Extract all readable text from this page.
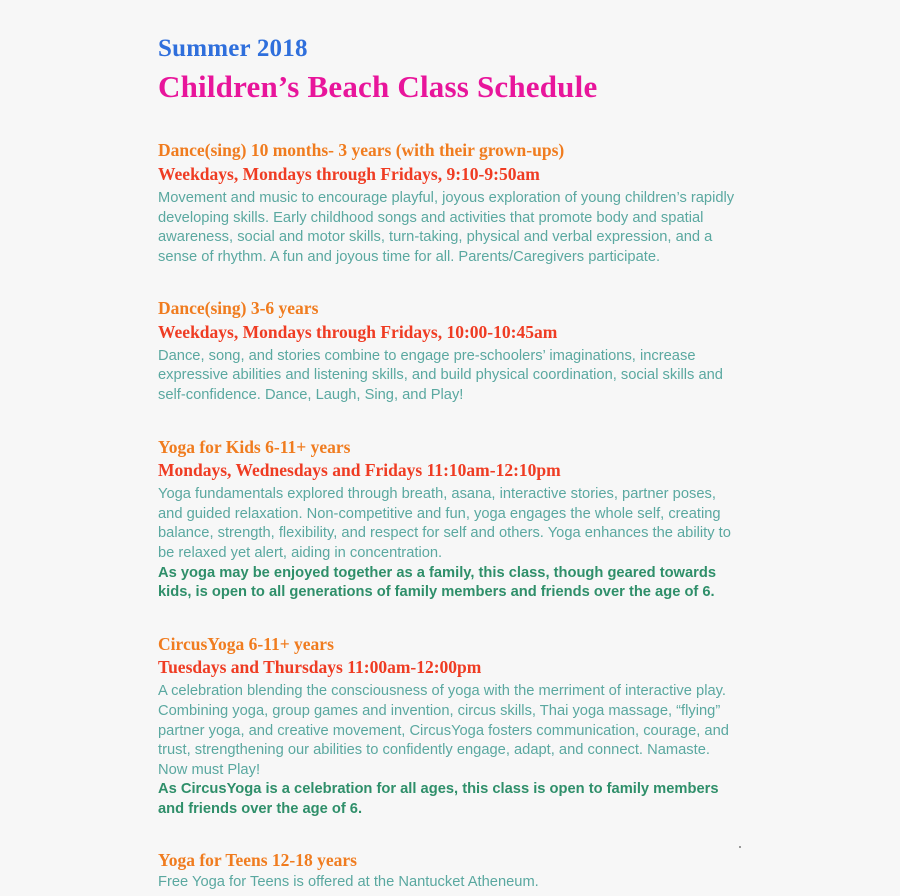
Summer 2018
Children’s Beach Class Schedule
Dance(sing) 10 months- 3 years (with their grown-ups)
Weekdays, Mondays through Fridays, 9:10-9:50am

Movement and music to encourage playful, joyous exploration of young children’s rapidly developing skills. Early childhood songs and activities that promote body and spatial awareness, social and motor skills, turn-taking, physical and verbal expression, and a sense of rhythm. A fun and joyous time for all. Parents/Caregivers participate.

Dance(sing) 3-6 years
Weekdays, Mondays through Fridays, 10:00-10:45am

Dance, song, and stories combine to engage pre-schoolers’ imaginations, increase expressive abilities and listening skills, and build physical coordination, social skills and self-confidence. Dance, Laugh, Sing, and Play!

Yoga for Kids 6-11+ years
Mondays, Wednesdays and Fridays 11:10am-12:10pm

Yoga fundamentals explored through breath, asana, interactive stories, partner poses, and guided relaxation. Non-competitive and fun, yoga engages the whole self, creating balance, strength, flexibility, and respect for self and others. Yoga enhances the ability to be relaxed yet alert, aiding in concentration.

As yoga may be enjoyed together as a family, this class, though geared towards kids, is open to all generations of family members and friends over the age of 6.

CircusYoga 6-11+ years
Tuesdays and Thursdays 11:00am-12:00pm

A celebration blending the consciousness of yoga with the merriment of interactive play. Combining yoga, group games and invention, circus skills, Thai yoga massage, “flying” partner yoga, and creative movement, CircusYoga fosters communication, courage, and trust, strengthening our abilities to confidently engage, adapt, and connect. Namaste. Now must Play!

As CircusYoga is a celebration for all ages, this class is open to family members and friends over the age of 6.

Yoga for Teens 12-18 years

Free Yoga for Teens is offered at the Nantucket Atheneum.
